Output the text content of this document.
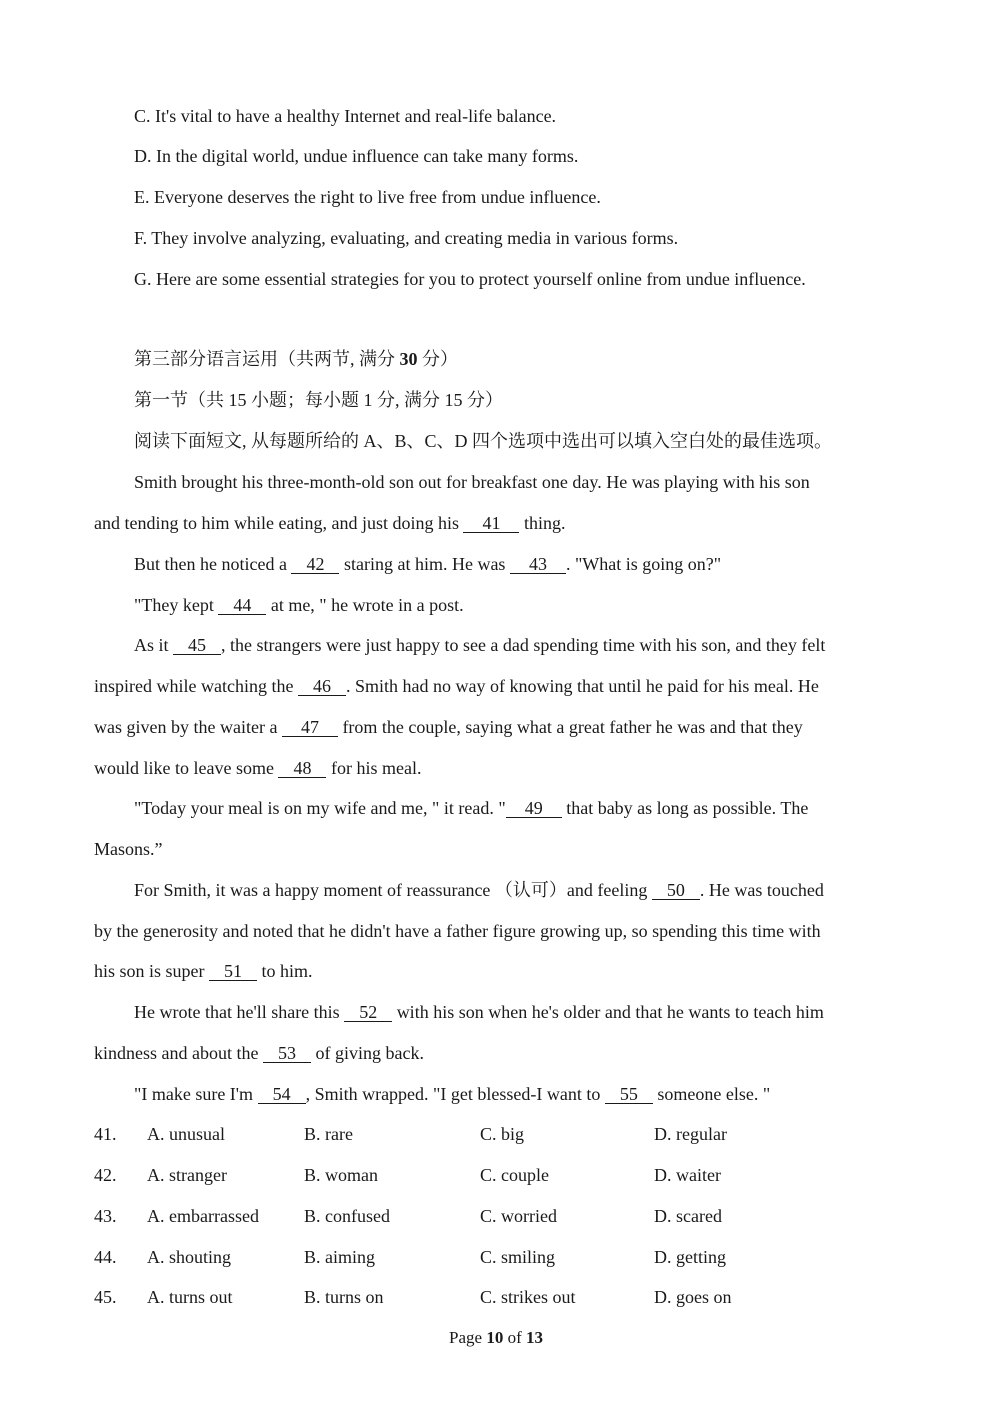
C. It's vital to have a healthy Internet and real-life balance.
D. In the digital world, undue influence can take many forms.
E. Everyone deserves the right to live free from undue influence.
F. They involve analyzing, evaluating, and creating media in various forms.
G. Here are some essential strategies for you to protect yourself online from undue influence.
第三部分语言运用（共两节, 满分 30 分）
第一节（共 15 小题；每小题 1 分, 满分 15 分）
阅读下面短文, 从每题所给的 A、B、C、D 四个选项中选出可以填入空白处的最佳选项。
Smith brought his three-month-old son out for breakfast one day. He was playing with his son
and tending to him while eating, and just doing his 41 thing.
But then he noticed a 42 staring at him. He was 43 . "What is going on?"
"They kept 44 at me, " he wrote in a post.
As it 45 , the strangers were just happy to see a dad spending time with his son, and they felt
inspired while watching the 46 . Smith had no way of knowing that until he paid for his meal. He
was given by the waiter a 47 from the couple, saying what a great father he was and that they
would like to leave some 48 for his meal.
"Today your meal is on my wife and me, " it read. " 49 that baby as long as possible. The
Masons.”
For Smith, it was a happy moment of reassurance （认可）and feeling 50 . He was touched
by the generosity and noted that he didn't have a father figure growing up, so spending this time with
his son is super 51 to him.
He wrote that he'll share this 52 with his son when he's older and that he wants to teach him
kindness and about the 53 of giving back.
"I make sure I'm 54 , Smith wrapped. "I get blessed-I want to 55 someone else. "
41. A. unusual	B. rare	C. big	D. regular
42. A. stranger	B. woman	C. couple	D. waiter
43. A. embarrassed	B. confused	C. worried	D. scared
44. A. shouting	B. aiming	C. smiling	D. getting
45. A. turns out	B. turns on	C. strikes out	D. goes on
Page 10 of 13
